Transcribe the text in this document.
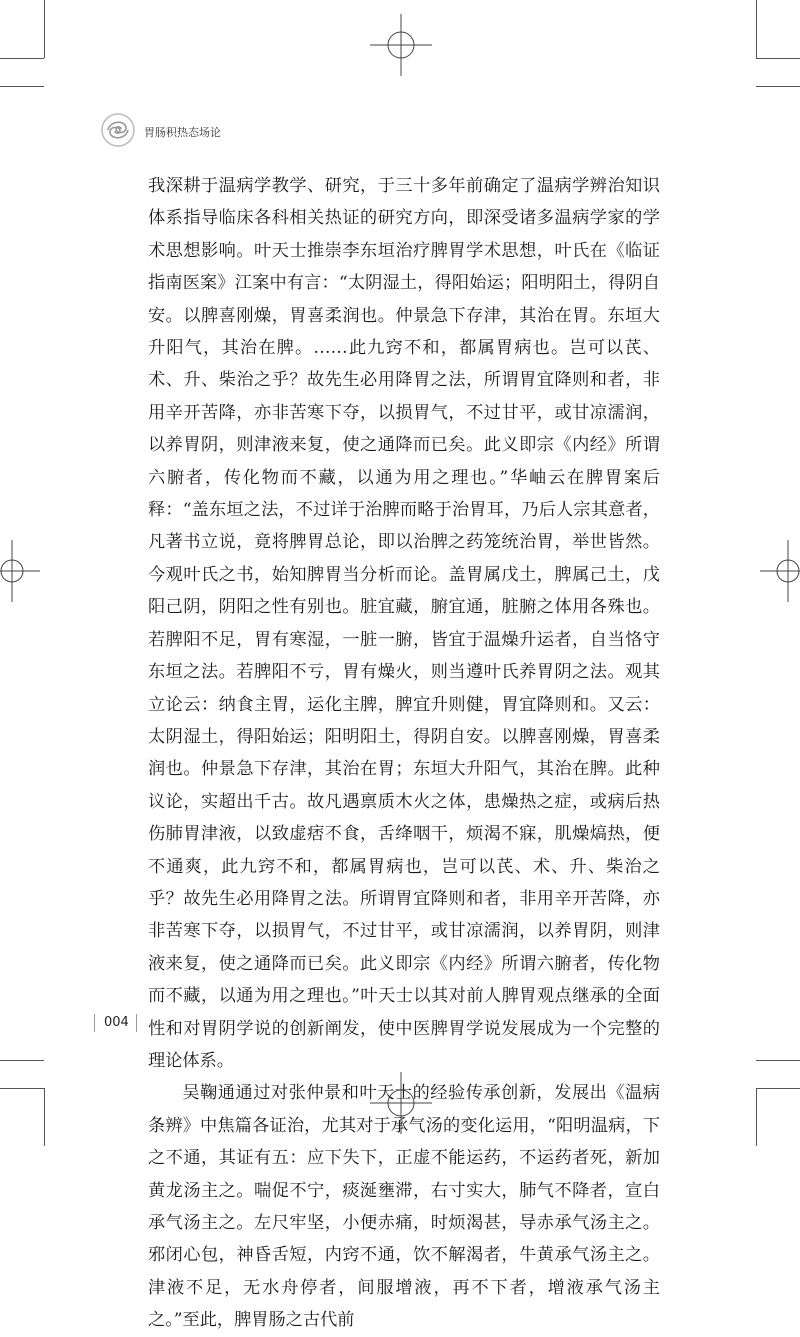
胃肠积热态场论

我深耕于温病学教学、研究，于三十多年前确定了温病学辨治知识体系指导临床各科相关热证的研究方向，即深受诸多温病学家的学术思想影响。叶天士推崇李东垣治疗脾胃学术思想，叶氏在《临证指南医案》江案中有言：“太阴湿土，得阳始运；阳明阳土，得阴自安。以脾喜刚燥，胃喜柔润也。仲景急下存津，其治在胃。东垣大升阳气，其治在脾。……此九窍不和，都属胃病也。岂可以芪、术、升、柴治之乎？故先生必用降胃之法，所谓胃宜降则和者，非用辛开苦降，亦非苦寒下夺，以损胃气，不过甘平，或甘凉濡润，以养胃阴，则津液来复，使之通降而已矣。此义即宗《内经》所谓六腑者，传化物而不藏，以通为用之理也。”华岫云在脾胃案后释：“盖东垣之法，不过详于治脾而略于治胃耳，乃后人宗其意者，凡著书立说，竟将脾胃总论，即以治脾之药笼统治胃，举世皆然。今观叶氏之书，始知脾胃当分析而论。盖胃属戊土，脾属己土，戊阳己阴，阴阳之性有别也。脏宜藏，腑宜通，脏腑之体用各殊也。若脾阳不足，胃有寒湿，一脏一腑，皆宜于温燥升运者，自当恪守东垣之法。若脾阳不亏，胃有燥火，则当遵叶氏养胃阴之法。观其立论云：纳食主胃，运化主脾，脾宜升则健，胃宜降则和。又云：太阴湿土，得阳始运；阳明阳土，得阴自安。以脾喜刚燥，胃喜柔润也。仲景急下存津，其治在胃；东垣大升阳气，其治在脾。此种议论，实超出千古。故凡遇禀质木火之体，患燥热之症，或病后热伤肺胃津液，以致虚痞不食，舌绛咽干，烦渴不寐，肌燥熇热，便不通爽，此九窍不和，都属胃病也，岂可以芪、术、升、柴治之乎？故先生必用降胃之法。所谓胃宜降则和者，非用辛开苦降，亦非苦寒下夺，以损胃气，不过甘平，或甘凉濡润，以养胃阴，则津液来复，使之通降而已矣。此义即宗《内经》所谓六腑者，传化物而不藏，以通为用之理也。”叶天士以其对前人脾胃观点继承的全面性和对胃阴学说的创新阐发，使中医脾胃学说发展成为一个完整的理论体系。

吴鞠通通过对张仲景和叶天士的经验传承创新，发展出《温病条辨》中焦篇各证治，尤其对于承气汤的变化运用，“阳明温病，下之不通，其证有五：应下失下，正虚不能运药，不运药者死，新加黄龙汤主之。喘促不宁，痰涎壅滞，右寸实大，肺气不降者，宣白承气汤主之。左尺牢坚，小便赤痛，时烦渴甚，导赤承气汤主之。邪闭心包，神昏舌短，内窍不通，饮不解渴者，牛黄承气汤主之。津液不足，无水舟停者，间服增液，再不下者，增液承气汤主之。”至此，脾胃肠之古代前

004
